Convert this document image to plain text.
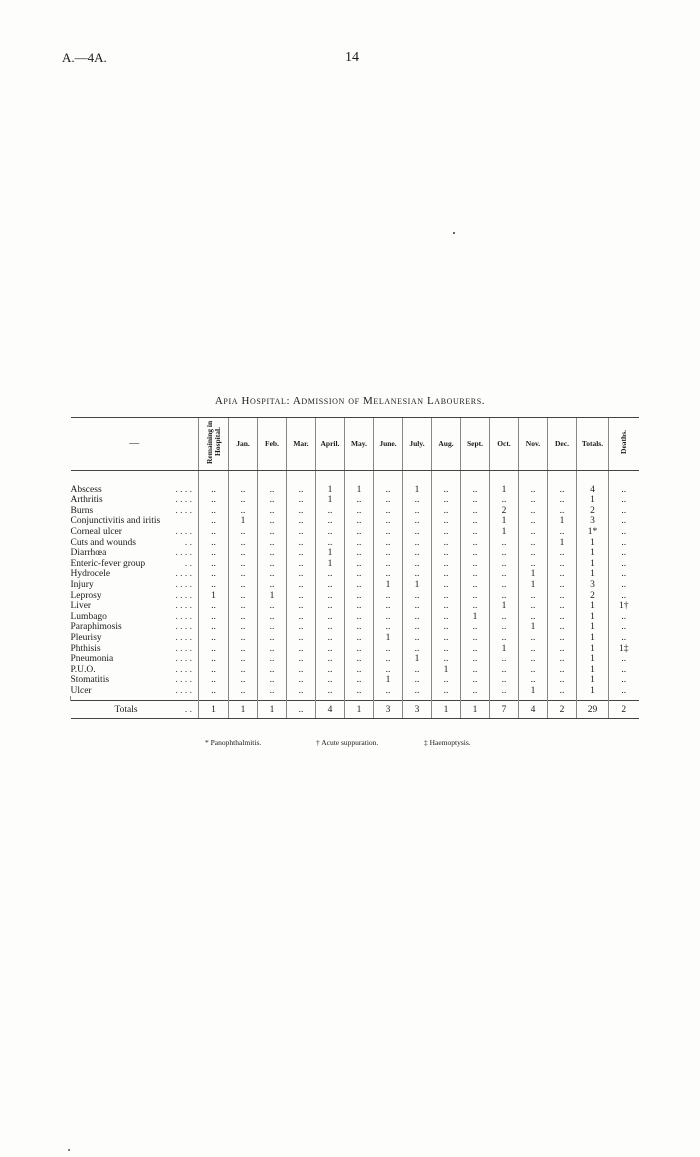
A.—4A.	14
Apia Hospital: Admission of Melanesian Labourers.
—	Remaining in Hospital.	Jan.	Feb.	Mar.	April.	May.	June.	July.	Aug.	Sept.	Oct.	Nov.	Dec.	Totals.	Deaths.

Abscess . . . .	..	..	..	..	1	1	..	1	..	..	1	..	..	4	..
Arthritis . . . .	..	..	..	..	1	..	..	..	..	..	..	..	..	1	..
Burns . . . .	..	..	..	..	..	..	..	..	..	..	2	..	..	2	..
Conjunctivitis and iritis	..	1	..	..	..	..	..	..	..	..	1	..	1	3	..
Corneal ulcer . . . .	..	..	..	..	..	..	..	..	..	..	1	..	..	1*	..
Cuts and wounds . .	..	..	..	..	..	..	..	..	..	..	..	..	1	1	..
Diarrhœa . . . .	..	..	..	..	1	..	..	..	..	..	..	..	..	1	..
Enteric-fever group . .	..	..	..	..	1	..	..	..	..	..	..	..	..	1	..
Hydrocele . . . .	..	..	..	..	..	..	..	..	..	..	..	1	..	1	..
Injury . . . .	..	..	..	..	..	..	1	1	..	..	..	1	..	3	..
Leprosy . . . .	1	..	1	..	..	..	..	..	..	..	..	..	..	2	..
Liver . . . .	..	..	..	..	..	..	..	..	..	..	1	..	..	1	1†
Lumbago . . . .	..	..	..	..	..	..	..	..	..	1	..	..	..	1	..
Paraphimosis . . . .	..	..	..	..	..	..	..	..	..	..	..	1	..	1	..
Pleurisy . . . .	..	..	..	..	..	..	1	..	..	..	..	..	..	1	..
Phthisis . . . .	..	..	..	..	..	..	..	..	..	..	1	..	..	1	1‡
Pneumonia . . . .	..	..	..	..	..	..	..	1	..	..	..	..	..	1	..
P.U.O. . . . .	..	..	..	..	..	..	..	..	1	..	..	..	..	1	..
Stomatitis . . . .	..	..	..	..	..	..	1	..	..	..	..	..	..	1	..
Ulcer . . . .	..	..	..	..	..	..	..	..	..	..	..	1	..	1	..

Totals . .	1	1	1	..	4	1	3	3	1	1	7	4	2	29	2
* Panophthalmitis.	† Acute suppuration.	‡ Haemoptysis.
